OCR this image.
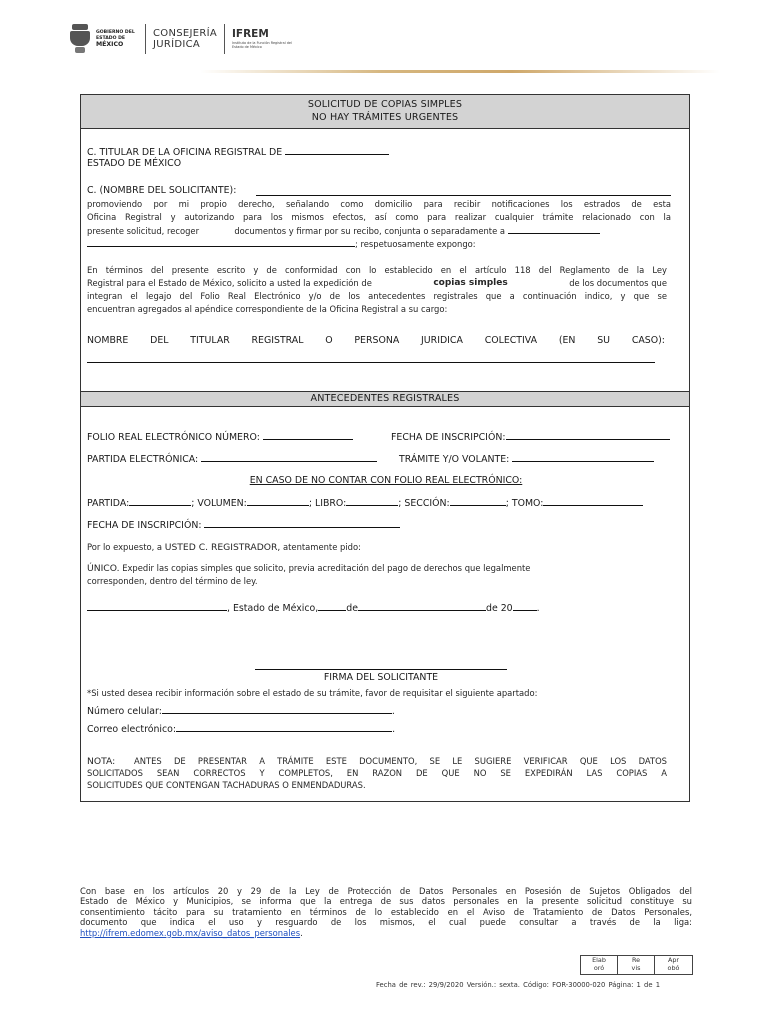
GOBIERNO DEL
ESTADO DE
MÉXICO
CONSEJERÍA
JURÍDICA
IFREM
Instituto de la Función Registral del Estado de México
SOLICITUD DE COPIAS SIMPLES
NO HAY TRÁMITES URGENTES
C. TITULAR DE LA OFICINA REGISTRAL DE
ESTADO DE MÉXICO
C. (NOMBRE DEL SOLICITANTE):
promoviendo por mi propio derecho, señalando como domicilio para recibir notificaciones los estrados de esta
Oficina Registral y autorizando para los mismos efectos, así como para realizar cualquier trámite relacionado con la
presente solicitud, recoger	documentos y firmar por su recibo, conjunta o separadamente a
; respetuosamente expongo:
En términos del presente escrito y de conformidad con lo establecido en el artículo 118 del Reglamento de la Ley
Registral para el Estado de México, solicito a usted la expedición de	copias simples	de los documentos que
integran el legajo del Folio Real Electrónico y/o de los antecedentes registrales que a continuación indico, y que se
encuentran agregados al apéndice correspondiente de la Oficina Registral a su cargo:
NOMBRE DEL TITULAR REGISTRAL O PERSONA JURIDICA COLECTIVA (EN SU CASO):
ANTECEDENTES REGISTRALES
FOLIO REAL ELECTRÓNICO NÚMERO:	FECHA DE INSCRIPCIÓN:
PARTIDA ELECTRÓNICA:	TRÁMITE Y/O VOLANTE:
EN CASO DE NO CONTAR CON FOLIO REAL ELECTRÓNICO:
PARTIDA:	; VOLUMEN:	; LIBRO:	; SECCIÓN:	; TOMO:
FECHA DE INSCRIPCIÓN:
Por lo expuesto, a USTED C. REGISTRADOR, atentamente pido:
ÚNICO. Expedir las copias simples que solicito, previa acreditación del pago de derechos que legalmente
corresponden, dentro del término de ley.
, Estado de México,	de	de 20	.
FIRMA DEL SOLICITANTE
*Si usted desea recibir información sobre el estado de su trámite, favor de requisitar el siguiente apartado:
Número celular:	.
Correo electrónico:	.
NOTA: ANTES DE PRESENTAR A TRÁMITE ESTE DOCUMENTO, SE LE SUGIERE VERIFICAR QUE LOS DATOS
SOLICITADOS SEAN CORRECTOS Y COMPLETOS, EN RAZON DE QUE NO SE EXPEDIRÁN LAS COPIAS A
SOLICITUDES QUE CONTENGAN TACHADURAS O ENMENDADURAS.
Con base en los artículos 20 y 29 de la Ley de Protección de Datos Personales en Posesión de Sujetos Obligados del
Estado de México y Municipios, se informa que la entrega de sus datos personales en la presente solicitud constituye su
consentimiento tácito para su tratamiento en términos de lo establecido en el Aviso de Tratamiento de Datos Personales,
documento que indica el uso y resguardo de los mismos, el cual puede consultar a través de la liga:
http://ifrem.edomex.gob.mx/aviso_datos_personales.
Elab
oró
Re
vis
Apr
obó
Fecha de rev.: 29/9/2020 Versión.: sexta. Código: FOR-30000-020 Página: 1 de 1
